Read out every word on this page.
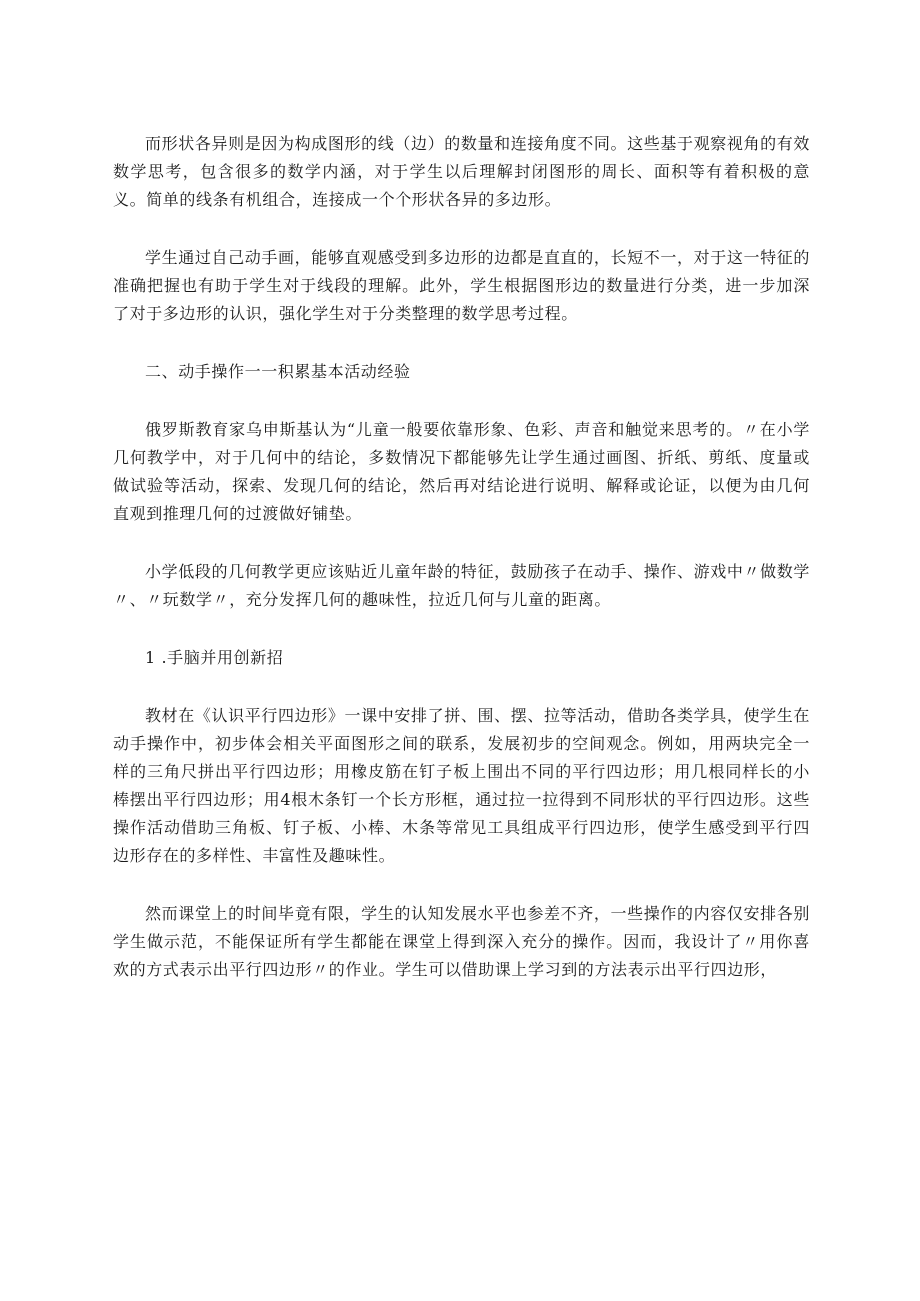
而形状各异则是因为构成图形的线（边）的数量和连接角度不同。这些基于观察视角的有效数学思考，包含很多的数学内涵，对于学生以后理解封闭图形的周长、面积等有着积极的意义。简单的线条有机组合，连接成一个个形状各异的多边形。

学生通过自己动手画，能够直观感受到多边形的边都是直直的，长短不一，对于这一特征的准确把握也有助于学生对于线段的理解。此外，学生根据图形边的数量进行分类，进一步加深了对于多边形的认识，强化学生对于分类整理的数学思考过程。

二、动手操作一一积累基本活动经验

俄罗斯教育家乌申斯基认为“儿童一般要依靠形象、色彩、声音和触觉来思考的。〃在小学几何教学中，对于几何中的结论，多数情况下都能够先让学生通过画图、折纸、剪纸、度量或做试验等活动，探索、发现几何的结论，然后再对结论进行说明、解释或论证，以便为由几何直观到推理几何的过渡做好铺垫。

小学低段的几何教学更应该贴近儿童年龄的特征，鼓励孩子在动手、操作、游戏中〃做数学〃、〃玩数学〃，充分发挥几何的趣味性，拉近几何与儿童的距离。

1 .手脑并用创新招

教材在《认识平行四边形》一课中安排了拼、围、摆、拉等活动，借助各类学具，使学生在动手操作中，初步体会相关平面图形之间的联系，发展初步的空间观念。例如，用两块完全一样的三角尺拼出平行四边形；用橡皮筋在钉子板上围出不同的平行四边形；用几根同样长的小棒摆出平行四边形；用4根木条钉一个长方形框，通过拉一拉得到不同形状的平行四边形。这些操作活动借助三角板、钉子板、小棒、木条等常见工具组成平行四边形，使学生感受到平行四边形存在的多样性、丰富性及趣味性。

然而课堂上的时间毕竟有限，学生的认知发展水平也参差不齐，一些操作的内容仅安排各别学生做示范，不能保证所有学生都能在课堂上得到深入充分的操作。因而，我设计了〃用你喜欢的方式表示出平行四边形〃的作业。学生可以借助课上学习到的方法表示出平行四边形，
